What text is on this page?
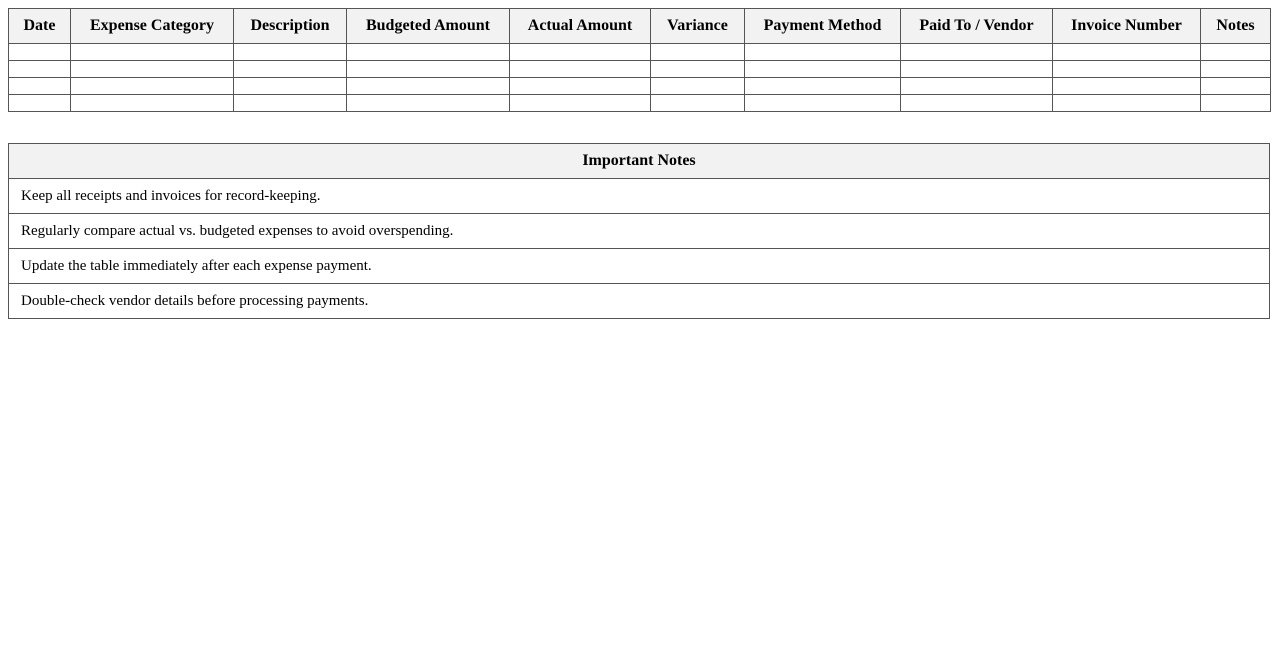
Date	Expense Category	Description	Budgeted Amount	Actual Amount	Variance	Payment Method	Paid To / Vendor	Invoice Number	Notes

Important Notes
Keep all receipts and invoices for record-keeping.
Regularly compare actual vs. budgeted expenses to avoid overspending.
Update the table immediately after each expense payment.
Double-check vendor details before processing payments.
